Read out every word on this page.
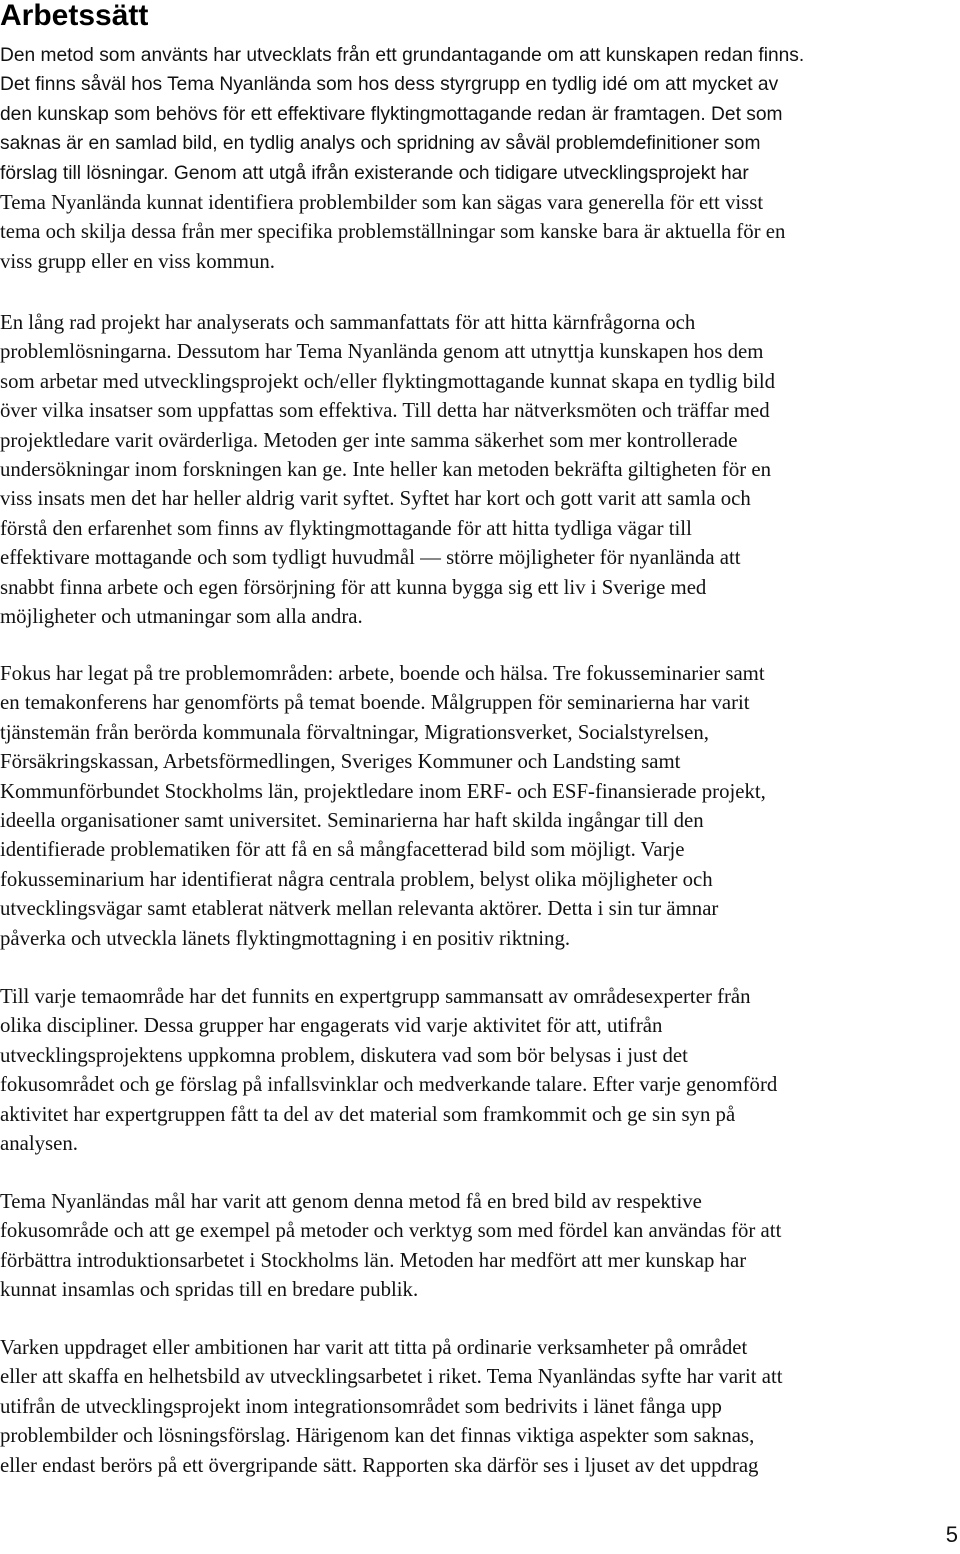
Arbetssätt
Den metod som använts har utvecklats från ett grundantagande om att kunskapen redan finns.
Det finns såväl hos Tema Nyanlända som hos dess styrgrupp en tydlig idé om att mycket av
den kunskap som behövs för ett effektivare flyktingmottagande redan är framtagen. Det som
saknas är en samlad bild, en tydlig analys och spridning av såväl problemdefinitioner som
förslag till lösningar. Genom att utgå ifrån existerande och tidigare utvecklingsprojekt har
Tema Nyanlända kunnat identifiera problembilder som kan sägas vara generella för ett visst
tema och skilja dessa från mer specifika problemställningar som kanske bara är aktuella för en
viss grupp eller en viss kommun.
En lång rad projekt har analyserats och sammanfattats för att hitta kärnfrågorna och
problemlösningarna. Dessutom har Tema Nyanlända genom att utnyttja kunskapen hos dem
som arbetar med utvecklingsprojekt och/eller flyktingmottagande kunnat skapa en tydlig bild
över vilka insatser som uppfattas som effektiva. Till detta har nätverksmöten och träffar med
projektledare varit ovärderliga. Metoden ger inte samma säkerhet som mer kontrollerade
undersökningar inom forskningen kan ge. Inte heller kan metoden bekräfta giltigheten för en
viss insats men det har heller aldrig varit syftet. Syftet har kort och gott varit att samla och
förstå den erfarenhet som finns av flyktingmottagande för att hitta tydliga vägar till
effektivare mottagande och som tydligt huvudmål — större möjligheter för nyanlända att
snabbt finna arbete och egen försörjning för att kunna bygga sig ett liv i Sverige med
möjligheter och utmaningar som alla andra.
Fokus har legat på tre problemområden: arbete, boende och hälsa. Tre fokusseminarier samt
en temakonferens har genomförts på temat boende. Målgruppen för seminarierna har varit
tjänstemän från berörda kommunala förvaltningar, Migrationsverket, Socialstyrelsen,
Försäkringskassan, Arbetsförmedlingen, Sveriges Kommuner och Landsting samt
Kommunförbundet Stockholms län, projektledare inom ERF- och ESF-finansierade projekt,
ideella organisationer samt universitet. Seminarierna har haft skilda ingångar till den
identifierade problematiken för att få en så mångfacetterad bild som möjligt. Varje
fokusseminarium har identifierat några centrala problem, belyst olika möjligheter och
utvecklingsvägar samt etablerat nätverk mellan relevanta aktörer. Detta i sin tur ämnar
påverka och utveckla länets flyktingmottagning i en positiv riktning.
Till varje temaområde har det funnits en expertgrupp sammansatt av områdesexperter från
olika discipliner. Dessa grupper har engagerats vid varje aktivitet för att, utifrån
utvecklingsprojektens uppkomna problem, diskutera vad som bör belysas i just det
fokusområdet och ge förslag på infallsvinklar och medverkande talare. Efter varje genomförd
aktivitet har expertgruppen fått ta del av det material som framkommit och ge sin syn på
analysen.
Tema Nyanländas mål har varit att genom denna metod få en bred bild av respektive
fokusområde och att ge exempel på metoder och verktyg som med fördel kan användas för att
förbättra introduktionsarbetet i Stockholms län. Metoden har medfört att mer kunskap har
kunnat insamlas och spridas till en bredare publik.
Varken uppdraget eller ambitionen har varit att titta på ordinarie verksamheter på området
eller att skaffa en helhetsbild av utvecklingsarbetet i riket. Tema Nyanländas syfte har varit att
utifrån de utvecklingsprojekt inom integrationsområdet som bedrivits i länet fånga upp
problembilder och lösningsförslag. Härigenom kan det finnas viktiga aspekter som saknas,
eller endast berörs på ett övergripande sätt. Rapporten ska därför ses i ljuset av det uppdrag
5
